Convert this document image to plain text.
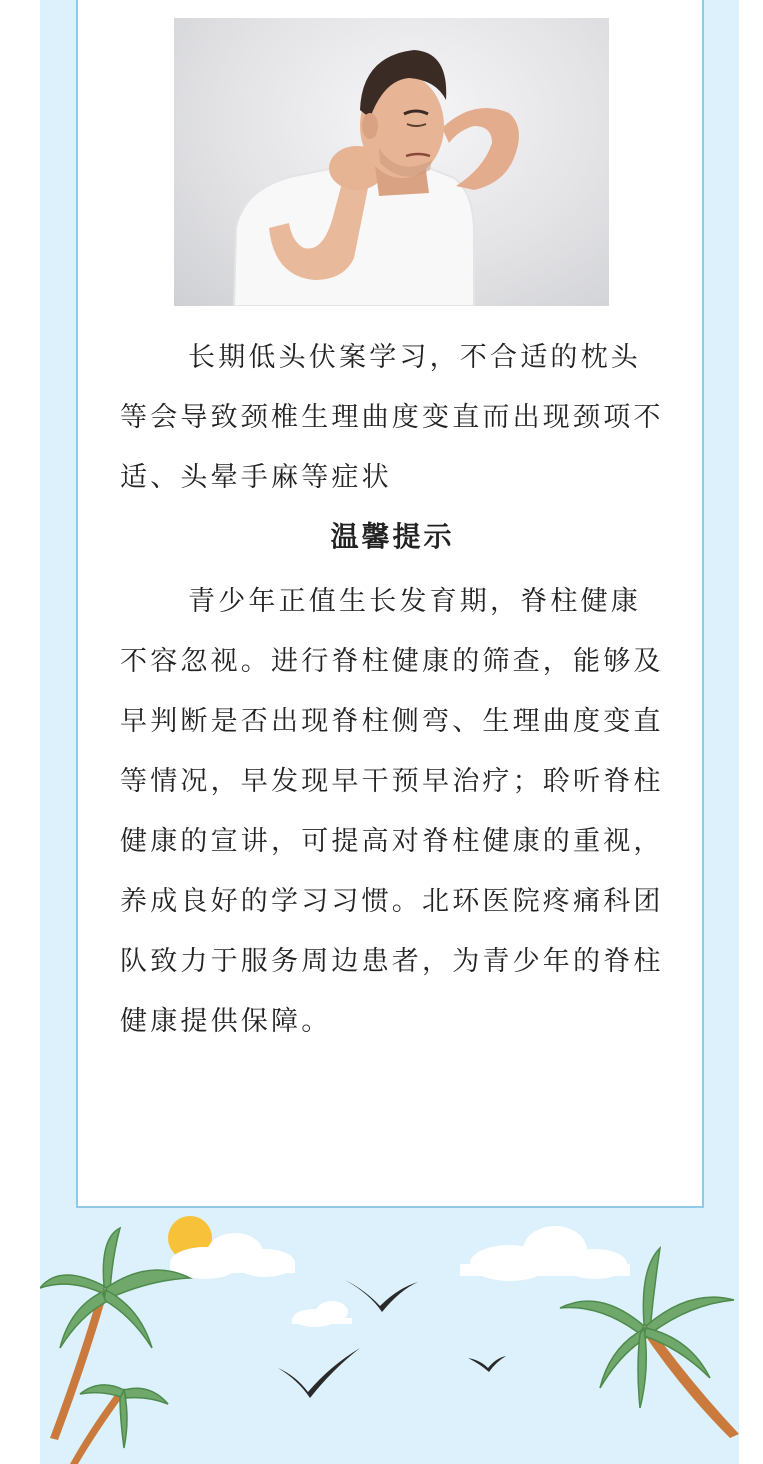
长期低头伏案学习，不合适的枕头等会导致颈椎生理曲度变直而出现颈项不适、头晕手麻等症状

温馨提示

青少年正值生长发育期，脊柱健康不容忽视。进行脊柱健康的筛查，能够及早判断是否出现脊柱侧弯、生理曲度变直等情况，早发现早干预早治疗；聆听脊柱健康的宣讲，可提高对脊柱健康的重视，养成良好的学习习惯。北环医院疼痛科团队致力于服务周边患者，为青少年的脊柱健康提供保障。
